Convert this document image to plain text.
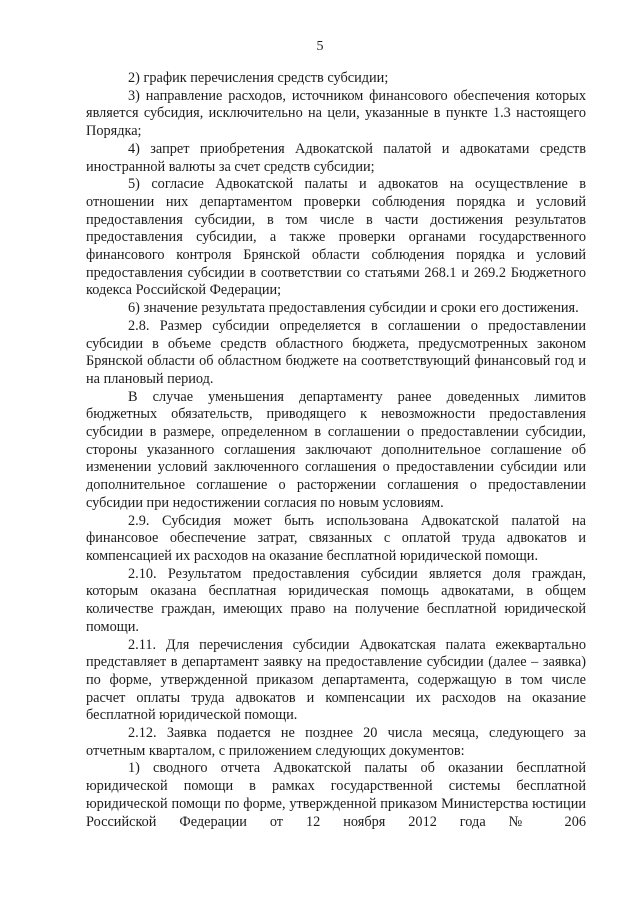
5

2) график перечисления средств субсидии;

3) направление расходов, источником финансового обеспечения которых является субсидия, исключительно на цели, указанные в пункте 1.3 настоящего Порядка;

4) запрет приобретения Адвокатской палатой и адвокатами средств иностранной валюты за счет средств субсидии;

5) согласие Адвокатской палаты и адвокатов на осуществление в отношении них департаментом проверки соблюдения порядка и условий предоставления субсидии, в том числе в части достижения результатов предоставления субсидии, а также проверки органами государственного финансового контроля Брянской области соблюдения порядка и условий предоставления субсидии в соответствии со статьями 268.1 и 269.2 Бюджетного кодекса Российской Федерации;

6) значение результата предоставления субсидии и сроки его достижения.

2.8. Размер субсидии определяется в соглашении о предоставлении субсидии в объеме средств областного бюджета, предусмотренных законом Брянской области об областном бюджете на соответствующий финансовый год и на плановый период.

В случае уменьшения департаменту ранее доведенных лимитов бюджетных обязательств, приводящего к невозможности предоставления субсидии в размере, определенном в соглашении о предоставлении субсидии, стороны указанного соглашения заключают дополнительное соглашение об изменении условий заключенного соглашения о предоставлении субсидии или дополнительное соглашение о расторжении соглашения о предоставлении субсидии при недостижении согласия по новым условиям.

2.9. Субсидия может быть использована Адвокатской палатой на финансовое обеспечение затрат, связанных с оплатой труда адвокатов и компенсацией их расходов на оказание бесплатной юридической помощи.

2.10. Результатом предоставления субсидии является доля граждан, которым оказана бесплатная юридическая помощь адвокатами, в общем количестве граждан, имеющих право на получение бесплатной юридической помощи.

2.11. Для перечисления субсидии Адвокатская палата ежеквартально представляет в департамент заявку на предоставление субсидии (далее – заявка) по форме, утвержденной приказом департамента, содержащую в том числе расчет оплаты труда адвокатов и компенсации их расходов на оказание бесплатной юридической помощи.

2.12. Заявка подается не позднее 20 числа месяца, следующего за отчетным кварталом, с приложением следующих документов:

1) сводного отчета Адвокатской палаты об оказании бесплатной юридической помощи в рамках государственной системы бесплатной юридической помощи по форме, утвержденной приказом Министерства юстиции Российской Федерации от 12 ноября 2012 года № 206
